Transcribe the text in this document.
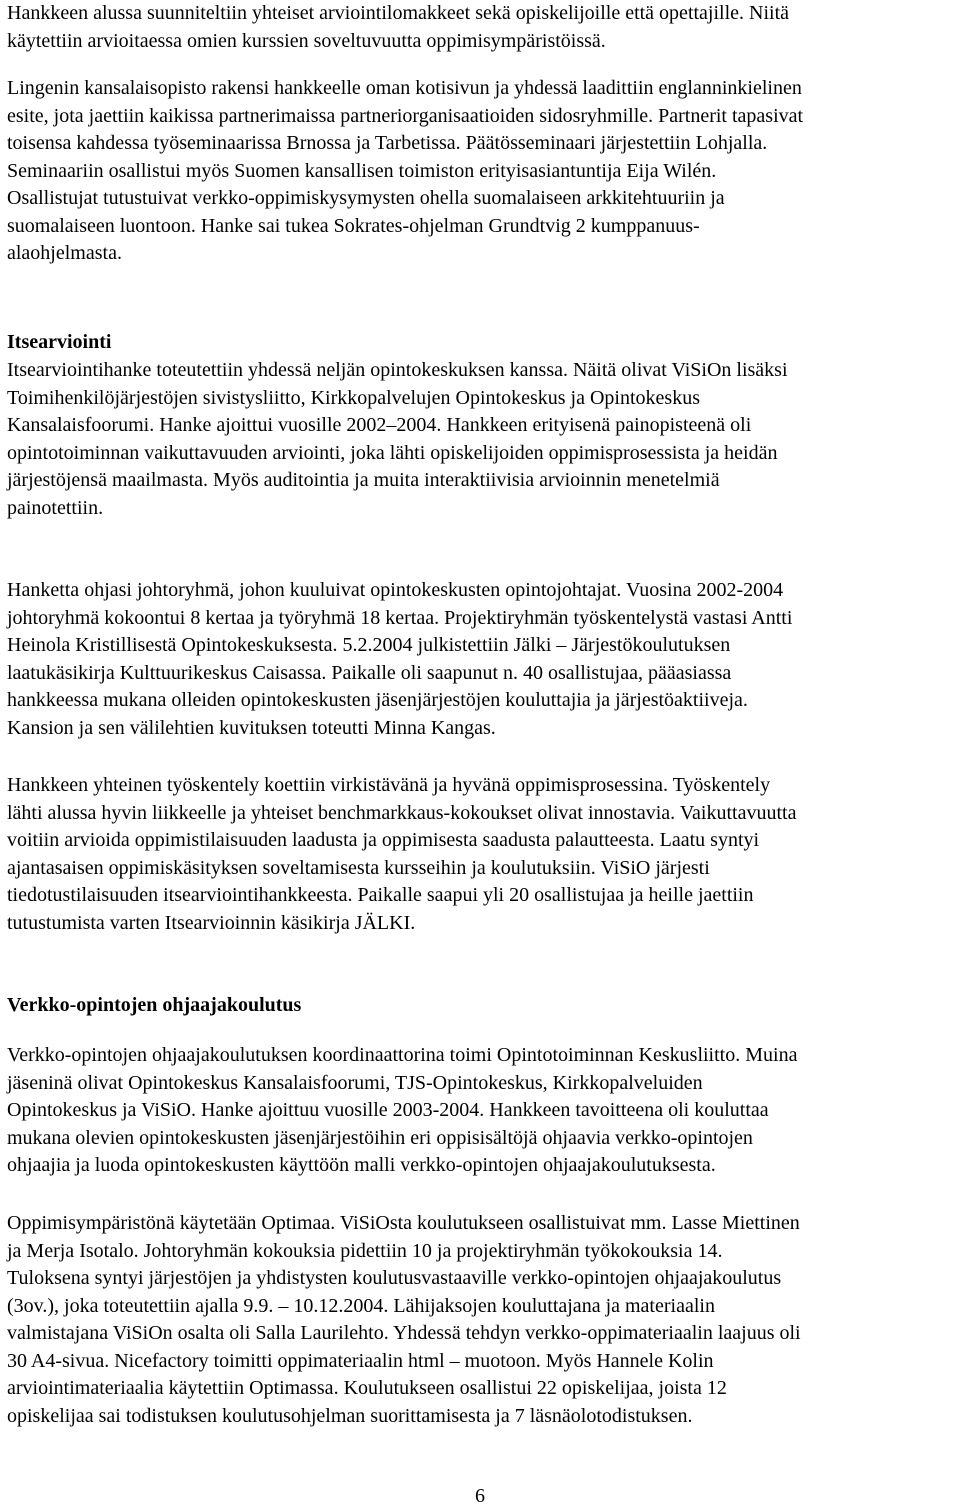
Hankkeen alussa suunniteltiin yhteiset arviointilomakkeet sekä opiskelijoille että opettajille. Niitä

käytettiin arvioitaessa omien kurssien soveltuvuutta oppimisympäristöissä.

Lingenin kansalaisopisto rakensi hankkeelle oman kotisivun ja yhdessä laadittiin englanninkielinen

esite, jota jaettiin kaikissa partnerimaissa partneriorganisaatioiden sidosryhmille. Partnerit tapasivat

toisensa kahdessa työseminaarissa Brnossa ja Tarbetissa. Päätösseminaari järjestettiin Lohjalla.

Seminaariin osallistui myös Suomen kansallisen toimiston erityisasiantuntija Eija Wilén.

Osallistujat tutustuivat verkko-oppimiskysymysten ohella suomalaiseen arkkitehtuuriin ja

suomalaiseen luontoon. Hanke sai tukea Sokrates-ohjelman Grundtvig 2 kumppanuus-

alaohjelmasta.

Itsearviointi

Itsearviointihanke toteutettiin yhdessä neljän opintokeskuksen kanssa. Näitä olivat ViSiOn lisäksi

Toimihenkilöjärjestöjen sivistysliitto, Kirkkopalvelujen Opintokeskus ja Opintokeskus

Kansalaisfoorumi. Hanke ajoittui vuosille 2002–2004. Hankkeen erityisenä painopisteenä oli

opintotoiminnan vaikuttavuuden arviointi, joka lähti opiskelijoiden oppimisprosessista ja heidän

järjestöjensä maailmasta. Myös auditointia ja muita interaktiivisia arvioinnin menetelmiä

painotettiin.

Hanketta ohjasi johtoryhmä, johon kuuluivat opintokeskusten opintojohtajat. Vuosina 2002-2004

johtoryhmä kokoontui 8 kertaa ja työryhmä 18 kertaa. Projektiryhmän työskentelystä vastasi Antti

Heinola Kristillisestä Opintokeskuksesta. 5.2.2004 julkistettiin Jälki – Järjestökoulutuksen

laatukäsikirja Kulttuurikeskus Caisassa. Paikalle oli saapunut n. 40 osallistujaa, pääasiassa

hankkeessa mukana olleiden opintokeskusten jäsenjärjestöjen kouluttajia ja järjestöaktiiveja.

Kansion ja sen välilehtien kuvituksen toteutti Minna Kangas.

Hankkeen yhteinen työskentely koettiin virkistävänä ja hyvänä oppimisprosessina. Työskentely

lähti alussa hyvin liikkeelle ja yhteiset benchmarkkaus-kokoukset olivat innostavia. Vaikuttavuutta

voitiin arvioida oppimistilaisuuden laadusta ja oppimisesta saadusta palautteesta. Laatu syntyi

ajantasaisen oppimiskäsityksen soveltamisesta kursseihin ja koulutuksiin. ViSiO järjesti

tiedotustilaisuuden itsearviointihankkeesta. Paikalle saapui yli 20 osallistujaa ja heille jaettiin

tutustumista varten Itsearvioinnin käsikirja JÄLKI.

Verkko-opintojen ohjaajakoulutus

Verkko-opintojen ohjaajakoulutuksen koordinaattorina toimi Opintotoiminnan Keskusliitto. Muina

jäseninä olivat Opintokeskus Kansalaisfoorumi, TJS-Opintokeskus, Kirkkopalveluiden

Opintokeskus ja ViSiO. Hanke ajoittuu vuosille 2003-2004. Hankkeen tavoitteena oli kouluttaa

mukana olevien opintokeskusten jäsenjärjestöihin eri oppisisältöjä ohjaavia verkko-opintojen

ohjaajia ja luoda opintokeskusten käyttöön malli verkko-opintojen ohjaajakoulutuksesta.

Oppimisympäristönä käytetään Optimaa. ViSiOsta koulutukseen osallistuivat mm. Lasse Miettinen

ja Merja Isotalo. Johtoryhmän kokouksia pidettiin 10 ja projektiryhmän työkokouksia 14.

Tuloksena syntyi järjestöjen ja yhdistysten koulutusvastaaville verkko-opintojen ohjaajakoulutus

(3ov.), joka toteutettiin ajalla 9.9. – 10.12.2004. Lähijaksojen kouluttajana ja materiaalin

valmistajana ViSiOn osalta oli Salla Laurilehto. Yhdessä tehdyn verkko-oppimateriaalin laajuus oli

30 A4-sivua. Nicefactory toimitti oppimateriaalin html – muotoon. Myös Hannele Kolin

arviointimateriaalia käytettiin Optimassa. Koulutukseen osallistui 22 opiskelijaa, joista 12

opiskelijaa sai todistuksen koulutusohjelman suorittamisesta ja 7 läsnäolotodistuksen.

6
